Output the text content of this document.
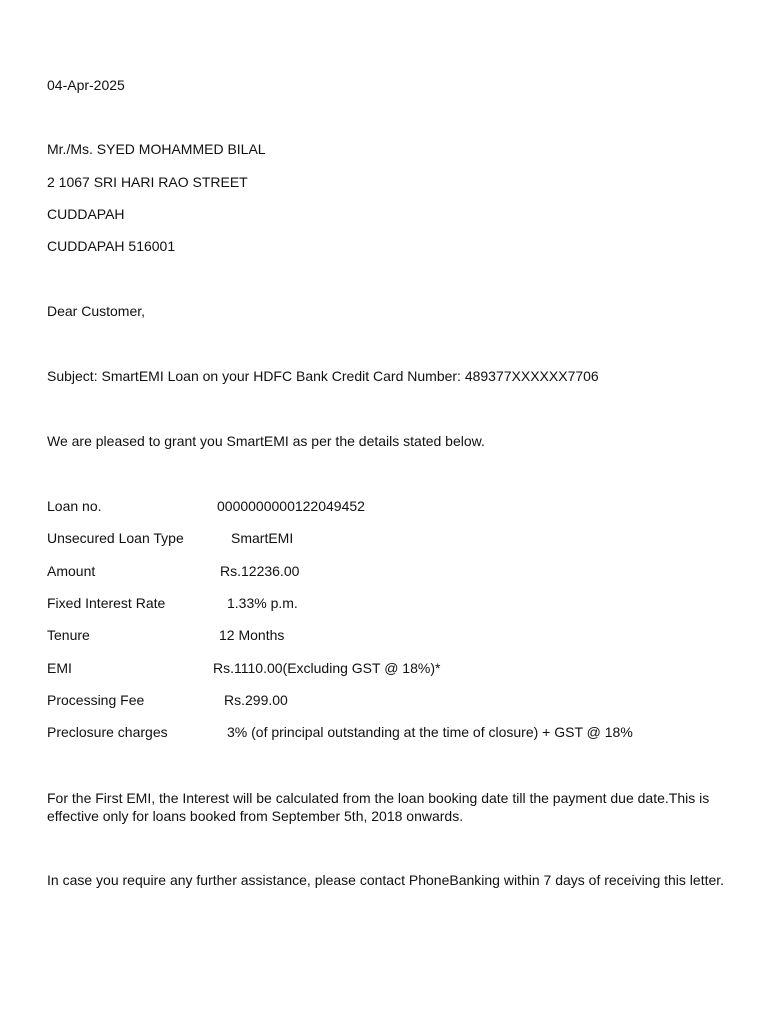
04-Apr-2025
Mr./Ms. SYED MOHAMMED BILAL
2 1067 SRI HARI RAO STREET
CUDDAPAH
CUDDAPAH 516001
Dear Customer,
Subject: SmartEMI Loan on your HDFC Bank Credit Card Number: 489377XXXXXX7706
We are pleased to grant you SmartEMI as per the details stated below.
Loan no.	0000000000122049452
Unsecured Loan Type	SmartEMI
Amount	Rs.12236.00
Fixed Interest Rate	1.33% p.m.
Tenure	12 Months
EMI	Rs.1110.00(Excluding GST @ 18%)*
Processing Fee	Rs.299.00
Preclosure charges	3% (of principal outstanding at the time of closure) + GST @ 18%
For the First EMI, the Interest will be calculated from the loan booking date till the payment due date.This is effective only for loans booked from September 5th, 2018 onwards.
In case you require any further assistance, please contact PhoneBanking within 7 days of receiving this letter.
